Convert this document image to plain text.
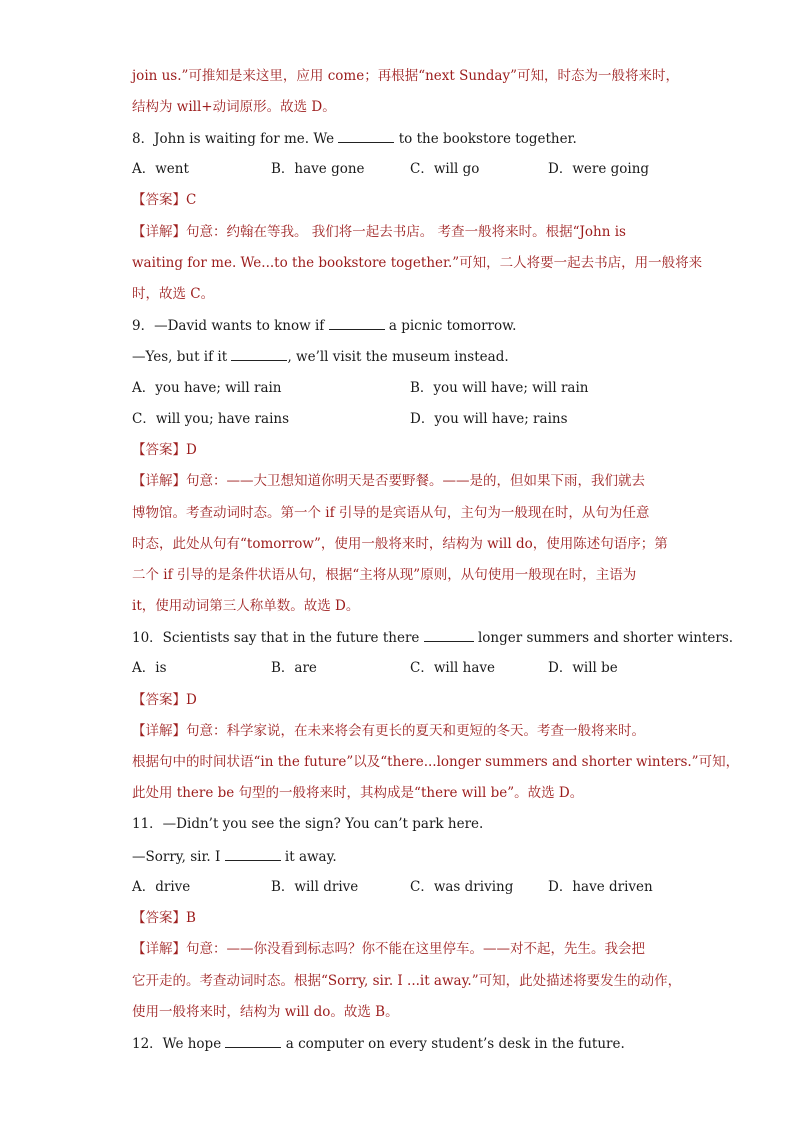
join us.”可推知是来这里，应用 come；再根据“next Sunday”可知，时态为一般将来时，
结构为 will+动词原形。故选 D。
8．John is waiting for me. We	to the bookstore together.
A．went	B．have gone	C．will go	D．were going
【答案】C
【详解】句意：约翰在等我。 我们将一起去书店。 考查一般将来时。根据“John is
waiting for me. We...to the bookstore together.”可知，二人将要一起去书店，用一般将来
时，故选 C。
9．—David wants to know if	a picnic tomorrow.
—Yes, but if it	, we’ll visit the museum instead.
A．you have; will rain	B．you will have; will rain
C．will you; have rains	D．you will have; rains
【答案】D
【详解】句意：——大卫想知道你明天是否要野餐。——是的，但如果下雨，我们就去
博物馆。考查动词时态。第一个 if 引导的是宾语从句，主句为一般现在时，从句为任意
时态，此处从句有“tomorrow”，使用一般将来时，结构为 will do，使用陈述句语序；第
二个 if 引导的是条件状语从句，根据“主将从现”原则，从句使用一般现在时，主语为
it，使用动词第三人称单数。故选 D。
10．Scientists say that in the future there	longer summers and shorter winters.
A．is	B．are	C．will have	D．will be
【答案】D
【详解】句意：科学家说，在未来将会有更长的夏天和更短的冬天。考查一般将来时。
根据句中的时间状语“in the future”以及“there...longer summers and shorter winters.”可知，
此处用 there be 句型的一般将来时，其构成是“there will be”。故选 D。
11．—Didn’t you see the sign? You can’t park here.
—Sorry, sir. I	it away.
A．drive	B．will drive	C．was driving	D．have driven
【答案】B
【详解】句意：——你没看到标志吗？你不能在这里停车。——对不起，先生。我会把
它开走的。考查动词时态。根据“Sorry, sir. I ...it away.”可知，此处描述将要发生的动作，
使用一般将来时，结构为 will do。故选 B。
12．We hope	a computer on every student’s desk in the future.
